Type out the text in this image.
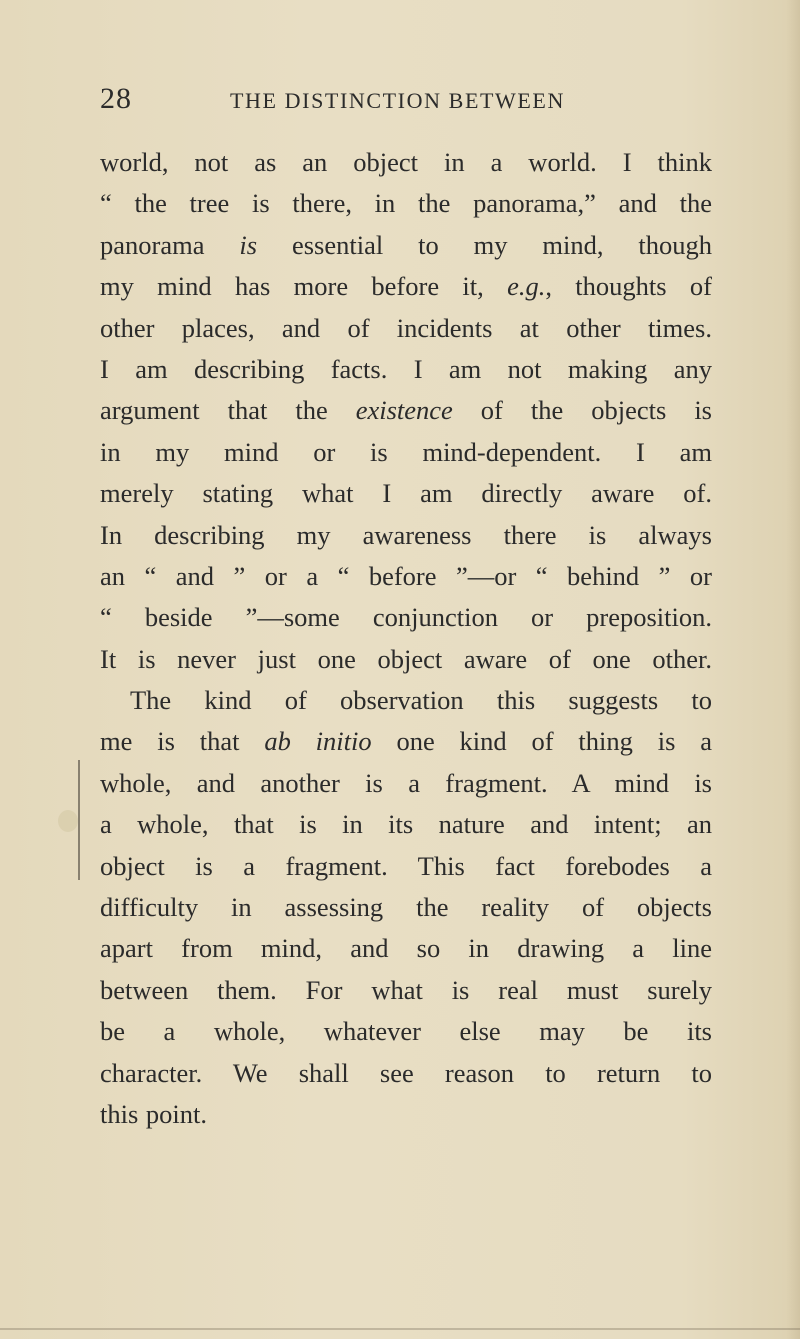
28	THE DISTINCTION BETWEEN
world, not as an object in a world. I think
“ the tree is there, in the panorama,” and the
panorama is essential to my mind, though
my mind has more before it, e.g., thoughts of
other places, and of incidents at other times.
I am describing facts. I am not making any
argument that the existence of the objects is
in my mind or is mind-dependent. I am
merely stating what I am directly aware of.
In describing my awareness there is always
an “ and ” or a “ before ”—or “ behind ” or
“ beside ”—some conjunction or preposition.
It is never just one object aware of one other.
The kind of observation this suggests to
me is that ab initio one kind of thing is a
whole, and another is a fragment. A mind is
a whole, that is in its nature and intent; an
object is a fragment. This fact forebodes a
difficulty in assessing the reality of objects
apart from mind, and so in drawing a line
between them. For what is real must surely
be a whole, whatever else may be its
character. We shall see reason to return to
this point.
